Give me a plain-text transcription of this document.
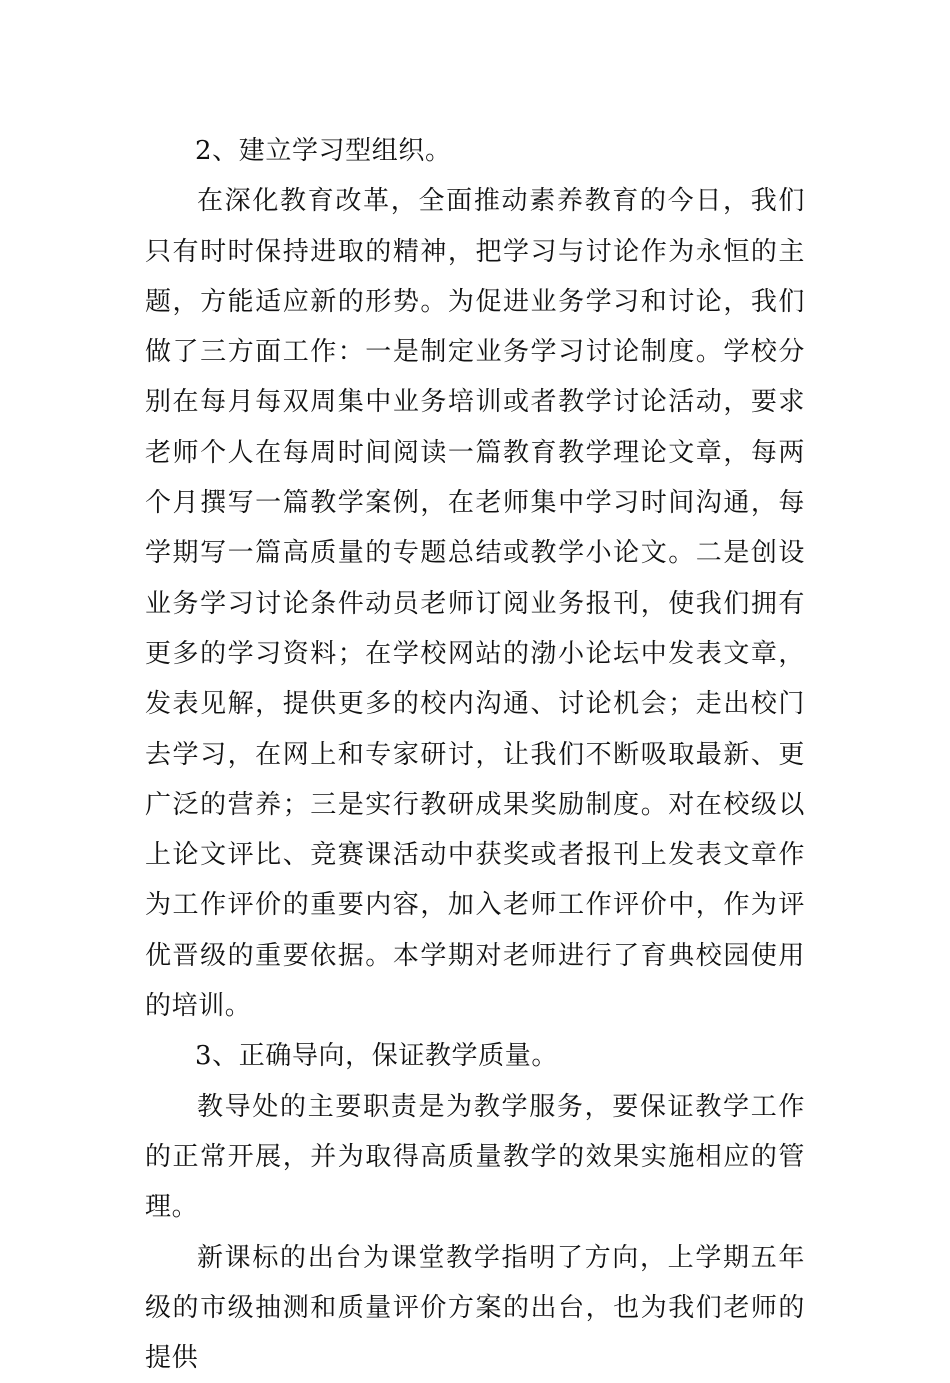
2、建立学习型组织。

在深化教育改革，全面推动素养教育的今日，我们只有时时保持进取的精神，把学习与讨论作为永恒的主题，方能适应新的形势。为促进业务学习和讨论，我们做了三方面工作：一是制定业务学习讨论制度。学校分别在每月每双周集中业务培训或者教学讨论活动，要求老师个人在每周时间阅读一篇教育教学理论文章，每两个月撰写一篇教学案例，在老师集中学习时间沟通，每学期写一篇高质量的专题总结或教学小论文。二是创设业务学习讨论条件动员老师订阅业务报刊，使我们拥有更多的学习资料；在学校网站的渤小论坛中发表文章，发表见解，提供更多的校内沟通、讨论机会；走出校门去学习，在网上和专家研讨，让我们不断吸取最新、更广泛的营养；三是实行教研成果奖励制度。对在校级以上论文评比、竞赛课活动中获奖或者报刊上发表文章作为工作评价的重要内容，加入老师工作评价中，作为评优晋级的重要依据。本学期对老师进行了育典校园使用的培训。

3、正确导向，保证教学质量。

教导处的主要职责是为教学服务，要保证教学工作的正常开展，并为取得高质量教学的效果实施相应的管理。

新课标的出台为课堂教学指明了方向，上学期五年级的市级抽测和质量评价方案的出台，也为我们老师的提供
